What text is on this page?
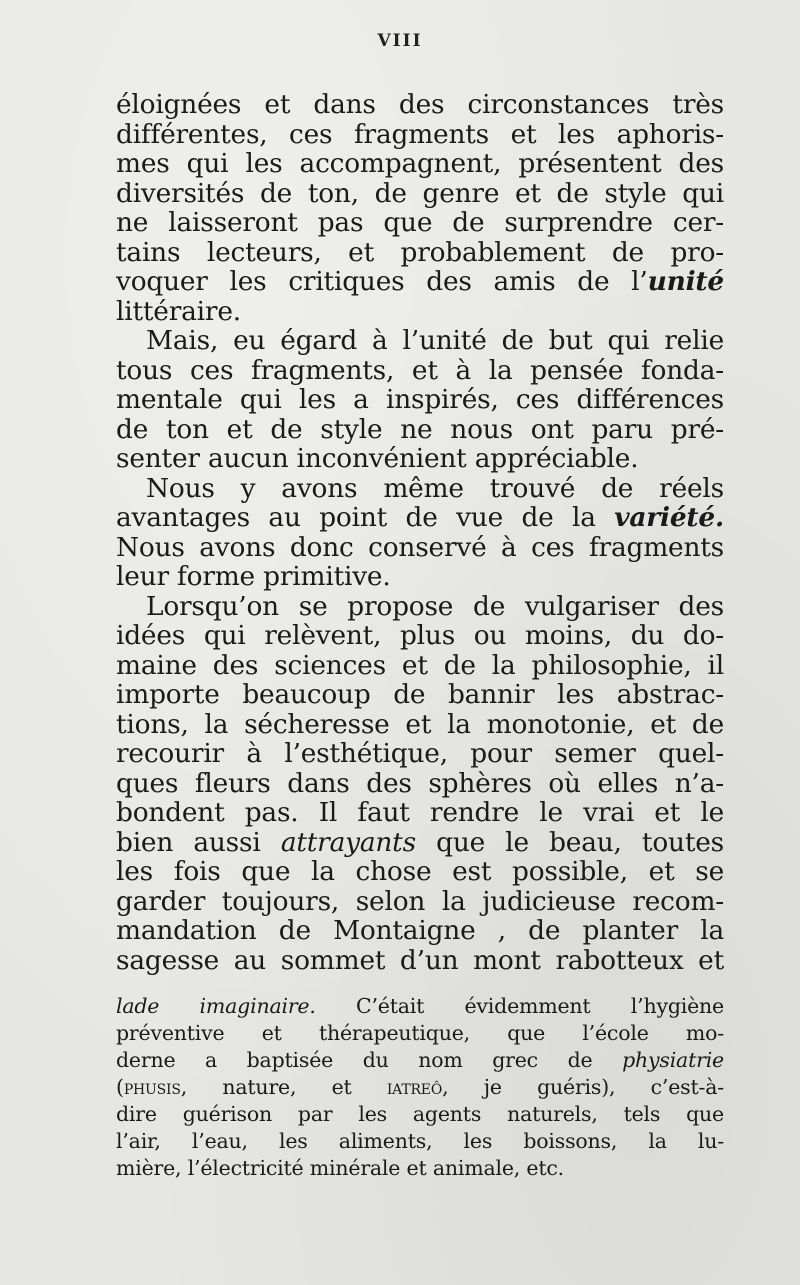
VIII
éloignées et dans des circonstances très
différentes, ces fragments et les aphoris-
mes qui les accompagnent, présentent des
diversités de ton, de genre et de style qui
ne laisseront pas que de surprendre cer-
tains lecteurs, et probablement de pro-
voquer les critiques des amis de l’unité
littéraire.
Mais, eu égard à l’unité de but qui relie
tous ces fragments, et à la pensée fonda-
mentale qui les a inspirés, ces différences
de ton et de style ne nous ont paru pré-
senter aucun inconvénient appréciable.
Nous y avons même trouvé de réels
avantages au point de vue de la variété.
Nous avons donc conservé à ces fragments
leur forme primitive.
Lorsqu’on se propose de vulgariser des
idées qui relèvent, plus ou moins, du do-
maine des sciences et de la philosophie, il
importe beaucoup de bannir les abstrac-
tions, la sécheresse et la monotonie, et de
recourir à l’esthétique, pour semer quel-
ques fleurs dans des sphères où elles n’a-
bondent pas. Il faut rendre le vrai et le
bien aussi attrayants que le beau, toutes
les fois que la chose est possible, et se
garder toujours, selon la judicieuse recom-
mandation de Montaigne , de planter la
sagesse au sommet d’un mont rabotteux et
lade imaginaire. C’était évidemment l’hygiène
préventive et thérapeutique, que l’école mo-
derne a baptisée du nom grec de physiatrie
(phusis, nature, et iatreô, je guéris), c’est-à-
dire guérison par les agents naturels, tels que
l’air, l’eau, les aliments, les boissons, la lu-
mière, l’électricité minérale et animale, etc.
